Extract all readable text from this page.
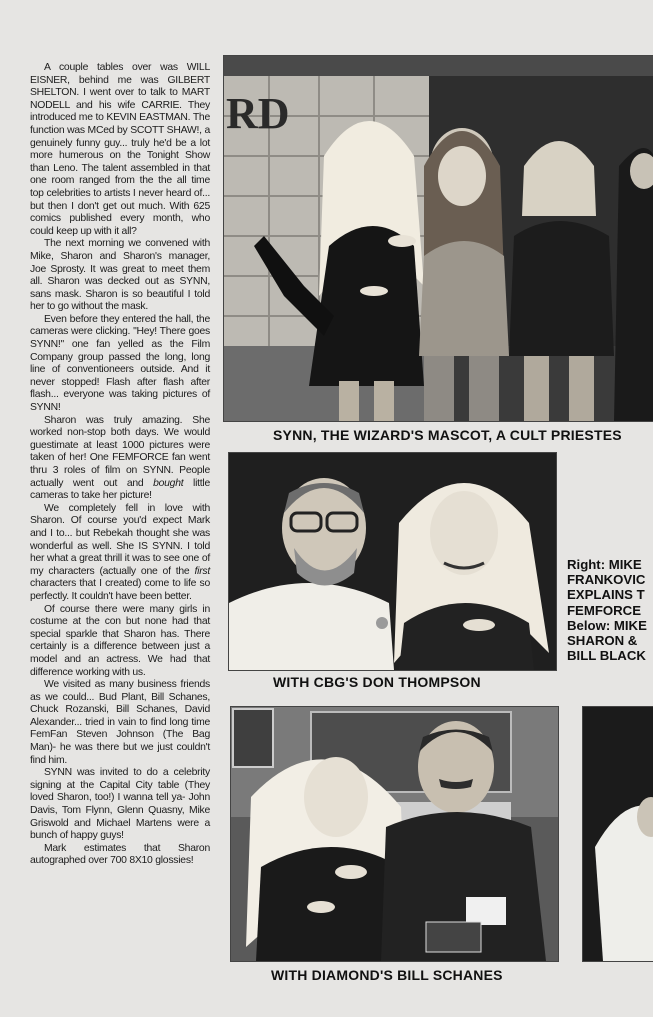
A couple tables over was WILL EISNER, behind me was GILBERT SHELTON. I went over to talk to MART NODELL and his wife CARRIE. They introduced me to KEVIN EASTMAN. The function was MCed by SCOTT SHAW!, a genuinely funny guy... truly he'd be a lot more humerous on the Tonight Show than Leno. The talent assembled in that one room ranged from the the all time top celebrities to artists I never heard of... but then I don't get out much. With 625 comics published every month, who could keep up with it all?

The next morning we convened with Mike, Sharon and Sharon's manager, Joe Sprosty. It was great to meet them all. Sharon was decked out as SYNN, sans mask. Sharon is so beautiful I told her to go without the mask.

Even before they entered the hall, the cameras were clicking. "Hey! There goes SYNN!" one fan yelled as the Film Company group passed the long, long line of conventioneers outside. And it never stopped! Flash after flash after flash... everyone was taking pictures of SYNN!

Sharon was truly amazing. She worked non-stop both days. We would guestimate at least 1000 pictures were taken of her! One FEMFORCE fan went thru 3 roles of film on SYNN. People actually went out and bought little cameras to take her picture!

We completely fell in love with Sharon. Of course you'd expect Mark and I to... but Rebekah thought she was wonderful as well. She IS SYNN. I told her what a great thrill it was to see one of my characters (actually one of the first characters that I created) come to life so perfectly. It couldn't have been better.

Of course there were many girls in costume at the con but none had that special sparkle that Sharon has. There certainly is a difference between just a model and an actress. We had that difference working with us.

We visited as many business friends as we could... Bud Plant, Bill Schanes, Chuck Rozanski, Bill Schanes, David Alexander... tried in vain to find long time FemFan Steven Johnson (The Bag Man)- he was there but we just couldn't find him.

SYNN was invited to do a celebrity signing at the Capital City table (They loved Sharon, too!) I wanna tell ya- John Davis, Tom Flynn, Glenn Quasny, Mike Griswold and Michael Martens were a bunch of happy guys!

Mark estimates that Sharon autographed over 700 8X10 glossies!

RD
SYNN, THE WIZARD'S MASCOT, A CULT PRIESTES
WITH CBG'S DON THOMPSON
Right: MIKE
FRANKOVIC
EXPLAINS T
FEMFORCE
Below: MIKE
SHARON &
BILL BLACK
WITH DIAMOND'S BILL SCHANES
